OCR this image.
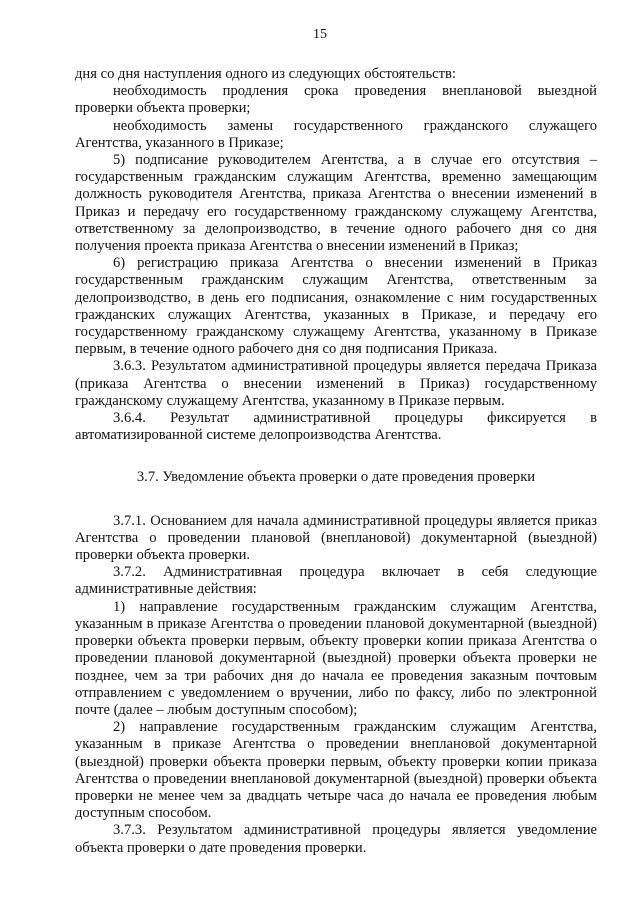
15

дня со дня наступления одного из следующих обстоятельств:

необходимость продления срока проведения внеплановой выездной проверки объекта проверки;

необходимость замены государственного гражданского служащего Агентства, указанного в Приказе;

5) подписание руководителем Агентства, а в случае его отсутствия – государственным гражданским служащим Агентства, временно замещающим должность руководителя Агентства, приказа Агентства о внесении изменений в Приказ и передачу его государственному гражданскому служащему Агентства, ответственному за делопроизводство, в течение одного рабочего дня со дня получения проекта приказа Агентства о внесении изменений в Приказ;

6) регистрацию приказа Агентства о внесении изменений в Приказ государственным гражданским служащим Агентства, ответственным за делопроизводство, в день его подписания, ознакомление с ним государственных гражданских служащих Агентства, указанных в Приказе, и передачу его государственному гражданскому служащему Агентства, указанному в Приказе первым, в течение одного рабочего дня со дня подписания Приказа.

3.6.3. Результатом административной процедуры является передача Приказа (приказа Агентства о внесении изменений в Приказ) государственному гражданскому служащему Агентства, указанному в Приказе первым.

3.6.4. Результат административной процедуры фиксируется в автоматизированной системе делопроизводства Агентства.

3.7. Уведомление объекта проверки о дате проведения проверки

3.7.1. Основанием для начала административной процедуры является приказ Агентства о проведении плановой (внеплановой) документарной (выездной) проверки объекта проверки.

3.7.2. Административная процедура включает в себя следующие административные действия:

1) направление государственным гражданским служащим Агентства, указанным в приказе Агентства о проведении плановой документарной (выездной) проверки объекта проверки первым, объекту проверки копии приказа Агентства о проведении плановой документарной (выездной) проверки объекта проверки не позднее, чем за три рабочих дня до начала ее проведения заказным почтовым отправлением с уведомлением о вручении, либо по факсу, либо по электронной почте (далее – любым доступным способом);

2) направление государственным гражданским служащим Агентства, указанным в приказе Агентства о проведении внеплановой документарной (выездной) проверки объекта проверки первым, объекту проверки копии приказа Агентства о проведении внеплановой документарной (выездной) проверки объекта проверки не менее чем за двадцать четыре часа до начала ее проведения любым доступным способом.

3.7.3. Результатом административной процедуры является уведомление объекта проверки о дате проведения проверки.
